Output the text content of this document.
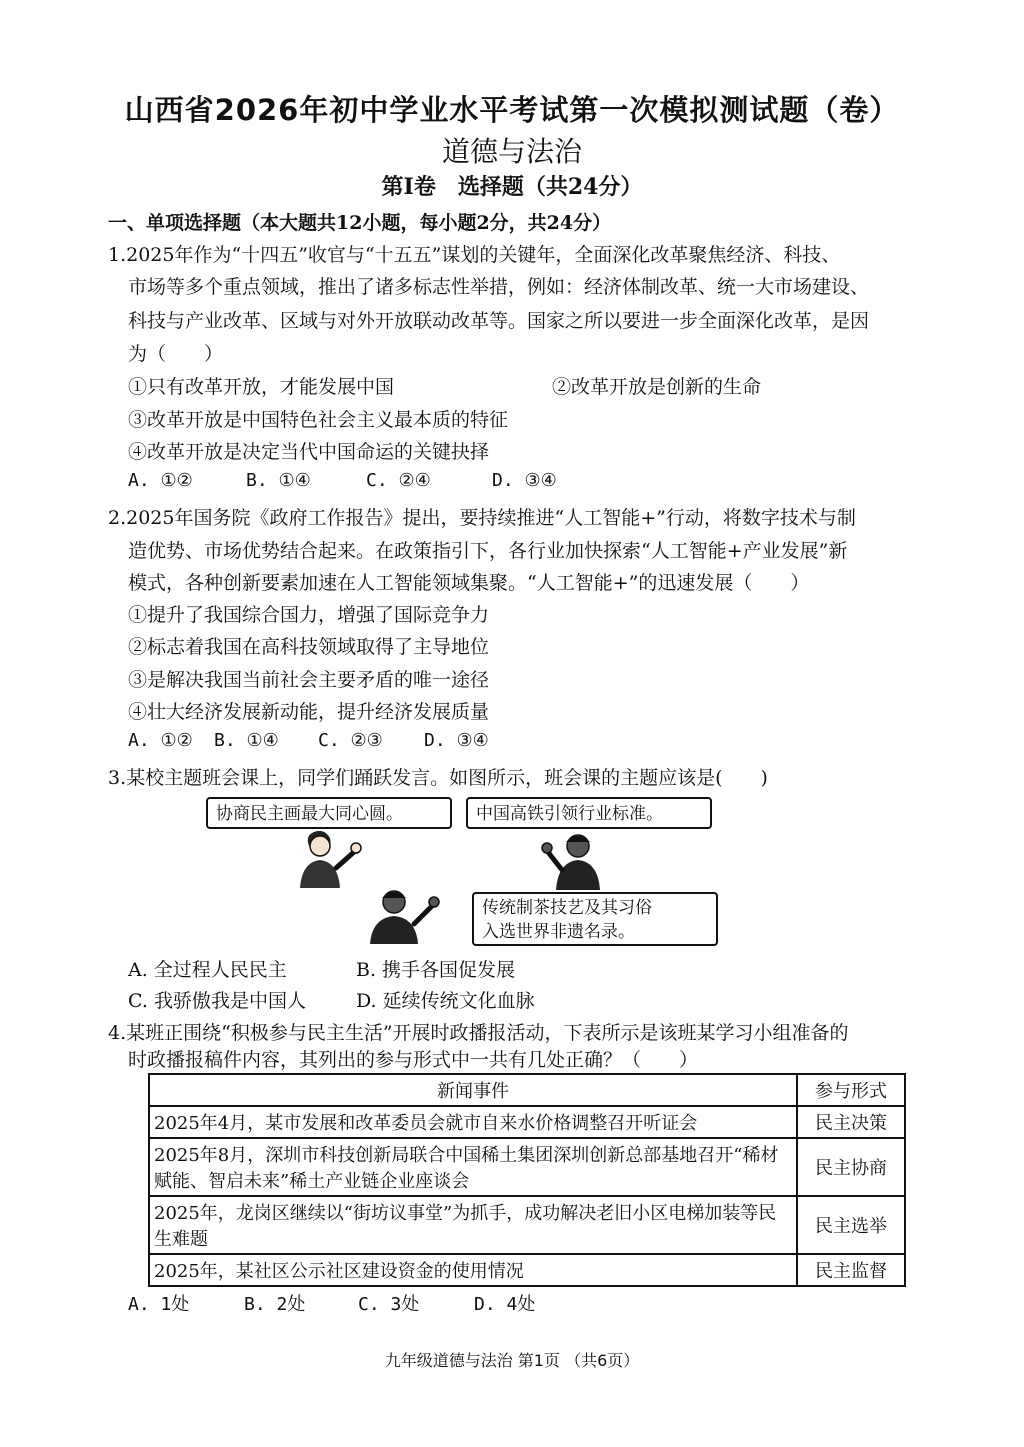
山西省2026年初中学业水平考试第一次模拟测试题（卷）
道德与法治
第Ⅰ卷　选择题（共24分）
一、单项选择题（本大题共12小题，每小题2分，共24分）
1.2025年作为“十四五”收官与“十五五”谋划的关键年，全面深化改革聚焦经济、科技、
市场等多个重点领域，推出了诸多标志性举措，例如：经济体制改革、统一大市场建设、
科技与产业改革、区域与对外开放联动改革等。国家之所以要进一步全面深化改革，是因
为（　　）
①只有改革开放，才能发展中国	②改革开放是创新的生命
③改革开放是中国特色社会主义最本质的特征
④改革开放是决定当代中国命运的关键抉择
A. ①②	B. ①④	C. ②④	D. ③④
2.2025年国务院《政府工作报告》提出，要持续推进“人工智能+”行动，将数字技术与制
造优势、市场优势结合起来。在政策指引下，各行业加快探索“人工智能+产业发展”新
模式，各种创新要素加速在人工智能领域集聚。“人工智能+”的迅速发展（　　）
①提升了我国综合国力，增强了国际竞争力
②标志着我国在高科技领域取得了主导地位
③是解决我国当前社会主要矛盾的唯一途径
④壮大经济发展新动能，提升经济发展质量
A. ①② B. ①④ C. ②③ D. ③④
3.某校主题班会课上，同学们踊跃发言。如图所示，班会课的主题应该是(　　)
协商民主画最大同心圆。	中国高铁引领行业标准。
传统制茶技艺及其习俗
入选世界非遗名录。
A. 全过程人民民主	B. 携手各国促发展
C. 我骄傲我是中国人	D. 延续传统文化血脉
4.某班正围绕“积极参与民主生活”开展时政播报活动，下表所示是该班某学习小组准备的
时政播报稿件内容，其列出的参与形式中一共有几处正确？（　　）
新闻事件	参与形式
2025年4月，某市发展和改革委员会就市自来水价格调整召开听证会	民主决策
2025年8月，深圳市科技创新局联合中国稀土集团深圳创新总部基地召开“稀材赋能、智启未来”稀土产业链企业座谈会	民主协商
2025年，龙岗区继续以“街坊议事堂”为抓手，成功解决老旧小区电梯加装等民生难题	民主选举
2025年，某社区公示社区建设资金的使用情况	民主监督
A. 1处	B. 2处	C. 3处	D. 4处
九年级道德与法治 第1页 （共6页）
